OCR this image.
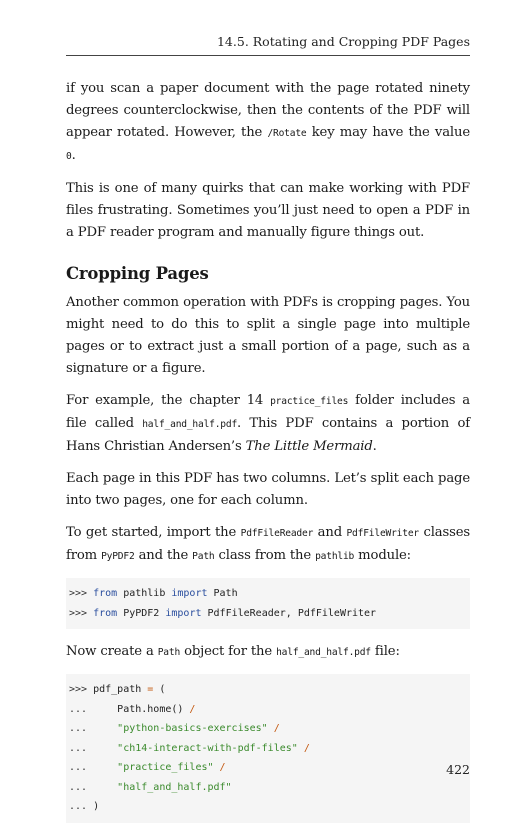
14.5. Rotating and Cropping PDF Pages

if you scan a paper document with the page rotated ninety degrees counterclockwise, then the contents of the PDF will appear rotated. However, the /Rotate key may have the value 0.

This is one of many quirks that can make working with PDF files frustrating. Sometimes you’ll just need to open a PDF in a PDF reader program and manually figure things out.

Cropping Pages

Another common operation with PDFs is cropping pages. You might need to do this to split a single page into multiple pages or to extract just a small portion of a page, such as a signature or a figure.

For example, the chapter 14 practice_files folder includes a file called half_and_half.pdf. This PDF contains a portion of Hans Christian Andersen’s The Little Mermaid.

Each page in this PDF has two columns. Let’s split each page into two pages, one for each column.

To get started, import the PdfFileReader and PdfFileWriter classes from PyPDF2 and the Path class from the pathlib module:

>>> from pathlib import Path
>>> from PyPDF2 import PdfFileReader, PdfFileWriter

Now create a Path object for the half_and_half.pdf file:

>>> pdf_path = (
...     Path.home() /
...     "python-basics-exercises" /
...     "ch14-interact-with-pdf-files" /
...     "practice_files" /
...     "half_and_half.pdf"
... )
422
